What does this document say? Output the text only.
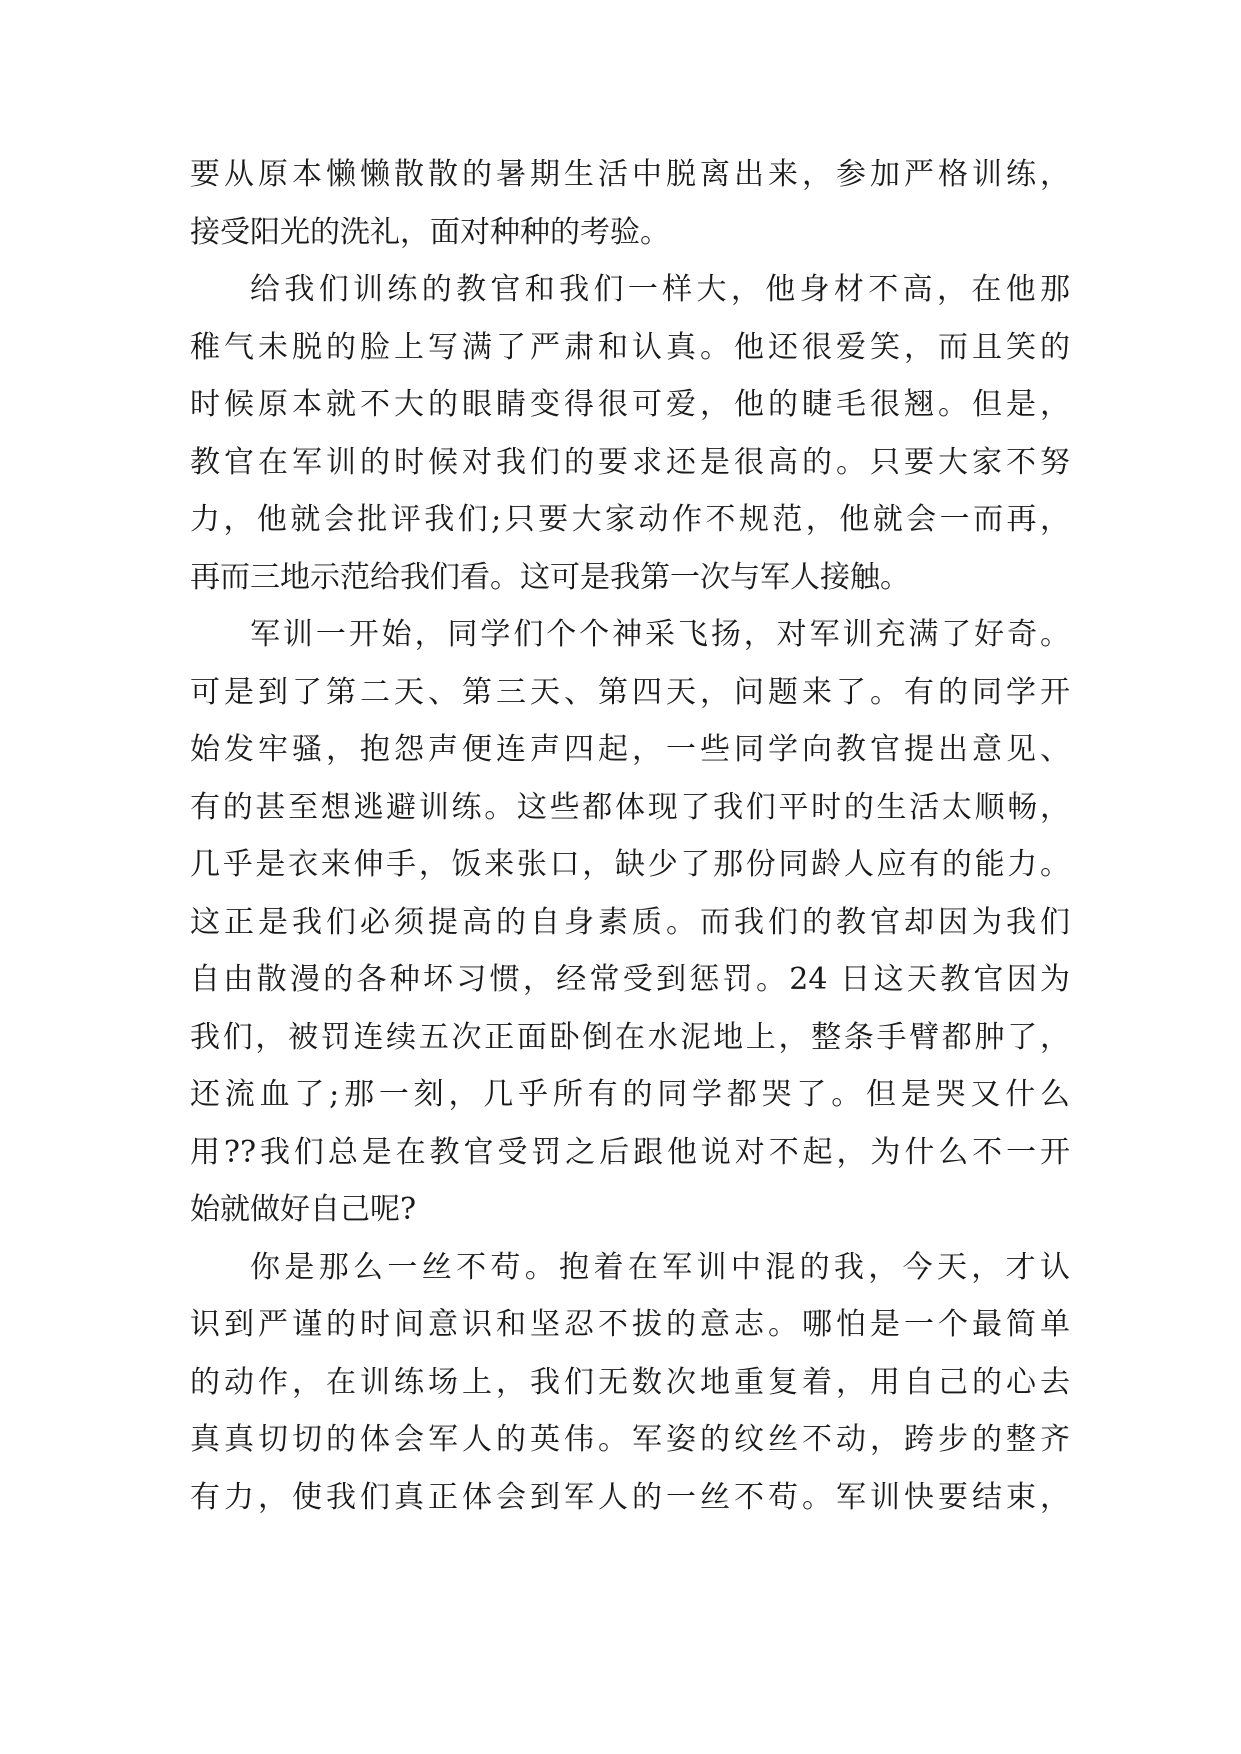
要从原本懒懒散散的暑期生活中脱离出来，参加严格训练，
接受阳光的洗礼，面对种种的考验。
给我们训练的教官和我们一样大，他身材不高，在他那
稚气未脱的脸上写满了严肃和认真。他还很爱笑，而且笑的
时候原本就不大的眼睛变得很可爱，他的睫毛很翘。但是，
教官在军训的时候对我们的要求还是很高的。只要大家不努
力，他就会批评我们;只要大家动作不规范，他就会一而再，
再而三地示范给我们看。这可是我第一次与军人接触。
军训一开始，同学们个个神采飞扬，对军训充满了好奇。
可是到了第二天、第三天、第四天，问题来了。有的同学开
始发牢骚，抱怨声便连声四起，一些同学向教官提出意见、
有的甚至想逃避训练。这些都体现了我们平时的生活太顺畅，
几乎是衣来伸手，饭来张口，缺少了那份同龄人应有的能力。
这正是我们必须提高的自身素质。而我们的教官却因为我们
自由散漫的各种坏习惯，经常受到惩罚。24 日这天教官因为
我们，被罚连续五次正面卧倒在水泥地上，整条手臂都肿了，
还流血了;那一刻，几乎所有的同学都哭了。但是哭又什么
用??我们总是在教官受罚之后跟他说对不起，为什么不一开
始就做好自己呢?
你是那么一丝不苟。抱着在军训中混的我，今天，才认
识到严谨的时间意识和坚忍不拔的意志。哪怕是一个最简单
的动作，在训练场上，我们无数次地重复着，用自己的心去
真真切切的体会军人的英伟。军姿的纹丝不动，跨步的整齐
有力，使我们真正体会到军人的一丝不苟。军训快要结束，
